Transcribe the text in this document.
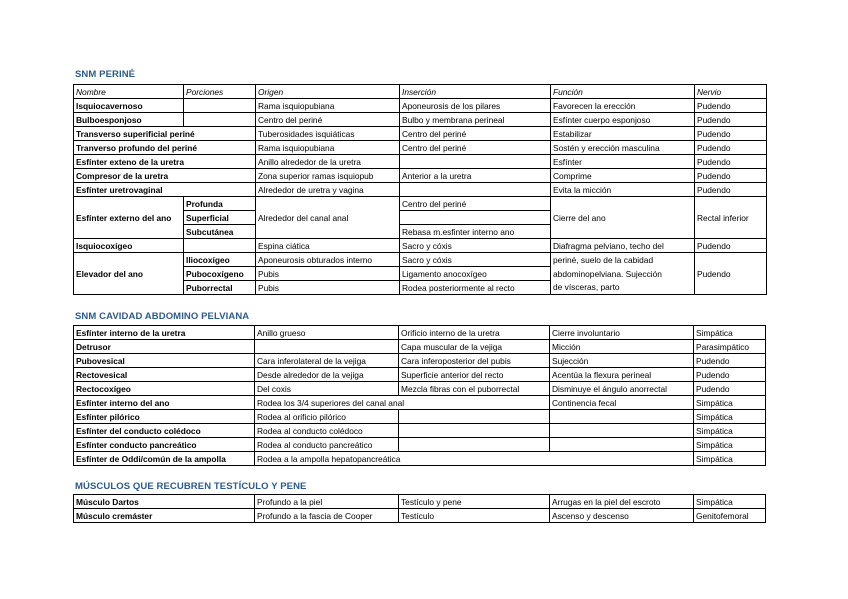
SNM PERINÉ
Nombre	Porciones	Origen	Inserción	Función	Nervio
Isquiocavernoso		Rama isquiopubiana	Aponeurosis de los pilares	Favorecen la erección	Pudendo
Bulboesponjoso		Centro del periné	Bulbo y membrana perineal	Esfínter cuerpo esponjoso	Pudendo
Transverso superificial periné		Tuberosidades isquiáticas	Centro del periné	Estabilizar	Pudendo
Tranverso profundo del periné		Rama isquiopubiana	Centro del periné	Sostén y erección masculina	Pudendo
Esfínter exteno de la uretra		Anillo alrededor de la uretra		Esfínter	Pudendo
Compresor de la uretra		Zona superior ramas isquiopub	Anterior a la uretra	Comprime	Pudendo
Esfínter uretrovaginal		Alrededor de uretra y vagina		Evita la micción	Pudendo
Esfínter externo del ano	Profunda	Alrededor del canal anal	Centro del periné	Cierre del ano	Rectal inferior
	Superficial				
	Subcutánea		Rebasa m.esfinter interno ano		
Isquiocoxígeo		Espina ciática	Sacro y cóxis	Diafragma pelviano, techo del	Pudendo
Elevador del ano	Iliocoxígeo	Aponeurosis obturados interno	Sacro y cóxis	periné, suelo de la cabidad	Pudendo
	Pubocoxígeno	Pubis	Ligamento anocoxígeo	abdominopelviana. Sujección	
	Puborrectal	Pubis	Rodea posteriormente al recto	de vísceras, parto	
SNM CAVIDAD ABDOMINO PELVIANA
Esfínter interno de la uretra	Anillo grueso	Orificio interno de la uretra	Cierre involuntario	Simpática
Detrusor		Capa muscular de la vejiga	Micción	Parasimpático
Pubovesical	Cara inferolateral de la vejiga	Cara inferoposterior del pubis	Sujección	Pudendo
Rectovesical	Desde alrededor de la vejiga	Superficie anterior del recto	Acentúa la flexura perineal	Pudendo
Rectocoxígeo	Del coxis	Mezcla fibras con el puborrectal	Disminuye el ángulo anorrectal	Pudendo
Esfínter interno del ano	Rodea los 3/4 superiores del canal anal		Continencia fecal	Simpática
Esfínter pilórico	Rodea al orificio pilórico			Simpática
Esfínter del conducto colédoco	Rodea al conducto colédoco			Simpática
Esfínter conducto pancreático	Rodea al conducto pancreático			Simpática
Esfínter de Oddi/común de la ampolla	Rodea a la ampolla hepatopancreática			Simpática
MÚSCULOS QUE RECUBREN TESTÍCULO Y PENE
Músculo Dartos	Profundo a la piel	Testículo y pene	Arrugas en la piel del escroto	Simpática
Músculo cremáster	Profundo a la fascia de Cooper	Testículo	Ascenso y descenso	Genitofemoral
